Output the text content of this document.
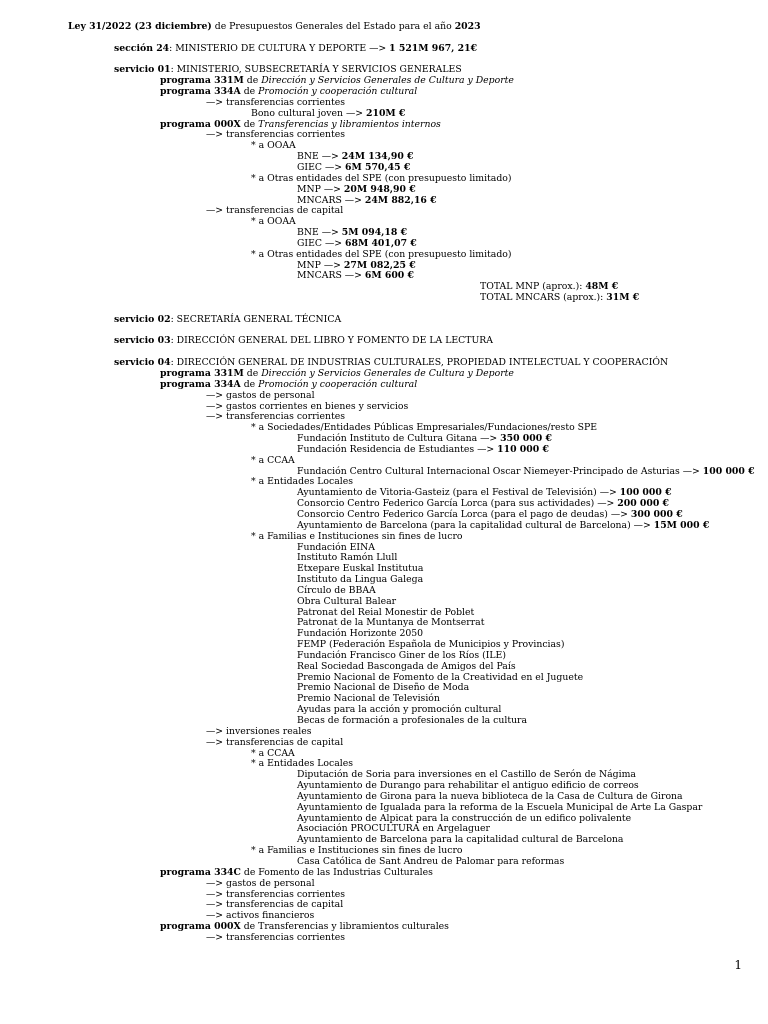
Ley 31/2022 (23 diciembre) de Presupuestos Generales del Estado para el año 2023
sección 24: MINISTERIO DE CULTURA Y DEPORTE —> 1 521M 967, 21€
servicio 01: MINISTERIO, SUBSECRETARÍA Y SERVICIOS GENERALES
programa 331M de Dirección y Servicios Generales de Cultura y Deporte
programa 334A de Promoción y cooperación cultural
—> transferencias corrientes
Bono cultural joven —> 210M €
programa 000X de Transferencias y libramientos internos
—> transferencias corrientes
* a OOAA
BNE —> 24M 134,90 €
GIEC —> 6M 570,45 €
* a Otras entidades del SPE (con presupuesto limitado)
MNP —> 20M 948,90 €
MNCARS —> 24M 882,16 €
—> transferencias de capital
* a OOAA
BNE —> 5M 094,18 €
GIEC —> 68M 401,07 €
* a Otras entidades del SPE (con presupuesto limitado)
MNP —> 27M 082,25 €
MNCARS —> 6M 600 €
TOTAL MNP (aprox.): 48M €
TOTAL MNCARS (aprox.): 31M €
servicio 02: SECRETARÍA GENERAL TÉCNICA
servicio 03: DIRECCIÓN GENERAL DEL LIBRO Y FOMENTO DE LA LECTURA
servicio 04: DIRECCIÓN GENERAL DE INDUSTRIAS CULTURALES, PROPIEDAD INTELECTUAL Y COOPERACIÓN
programa 331M de Dirección y Servicios Generales de Cultura y Deporte
programa 334A de Promoción y cooperación cultural
—> gastos de personal
—> gastos corrientes en bienes y servicios
—> transferencias corrientes
* a Sociedades/Entidades Públicas Empresariales/Fundaciones/resto SPE
Fundación Instituto de Cultura Gitana —> 350 000 €
Fundación Residencia de Estudiantes —> 110 000 €
* a CCAA
Fundación Centro Cultural Internacional Oscar Niemeyer-Principado de Asturias —> 100 000 €
* a Entidades Locales
Ayuntamiento de Vitoria-Gasteiz (para el Festival de Televisión) —> 100 000 €
Consorcio Centro Federico García Lorca (para sus actividades) —> 200 000 €
Consorcio Centro Federico García Lorca (para el pago de deudas) —> 300 000 €
Ayuntamiento de Barcelona (para la capitalidad cultural de Barcelona) —> 15M 000 €
* a Familias e Instituciones sin fines de lucro
Fundación EINA
Instituto Ramón Llull
Etxepare Euskal Institutua
Instituto da Lingua Galega
Círculo de BBAA
Obra Cultural Balear
Patronat del Reial Monestir de Poblet
Patronat de la Muntanya de Montserrat
Fundación Horizonte 2050
FEMP (Federación Española de Municipios y Provincias)
Fundación Francisco Giner de los Ríos (ILE)
Real Sociedad Bascongada de Amigos del País
Premio Nacional de Fomento de la Creatividad en el Juguete
Premio Nacional de Diseño de Moda
Premio Nacional de Televisión
Ayudas para la acción y promoción cultural
Becas de formación a profesionales de la cultura
—> inversiones reales
—> transferencias de capital
* a CCAA
* a Entidades Locales
Diputación de Soria para inversiones en el Castillo de Serón de Nágima
Ayuntamiento de Durango para rehabilitar el antiguo edificio de correos
Ayuntamiento de Girona para la nueva biblioteca de la Casa de Cultura de Girona
Ayuntamiento de Igualada para la reforma de la Escuela Municipal de Arte La Gaspar
Ayuntamiento de Alpicat para la construcción de un edifico polivalente
Asociación PROCULTURA en Argelaguer
Ayuntamiento de Barcelona para la capitalidad cultural de Barcelona
* a Familias e Instituciones sin fines de lucro
Casa Católica de Sant Andreu de Palomar para reformas
programa 334C de Fomento de las Industrias Culturales
—> gastos de personal
—> transferencias corrientes
—> transferencias de capital
—> activos financieros
programa 000X de Transferencias y libramientos culturales
—> transferencias corrientes
1
